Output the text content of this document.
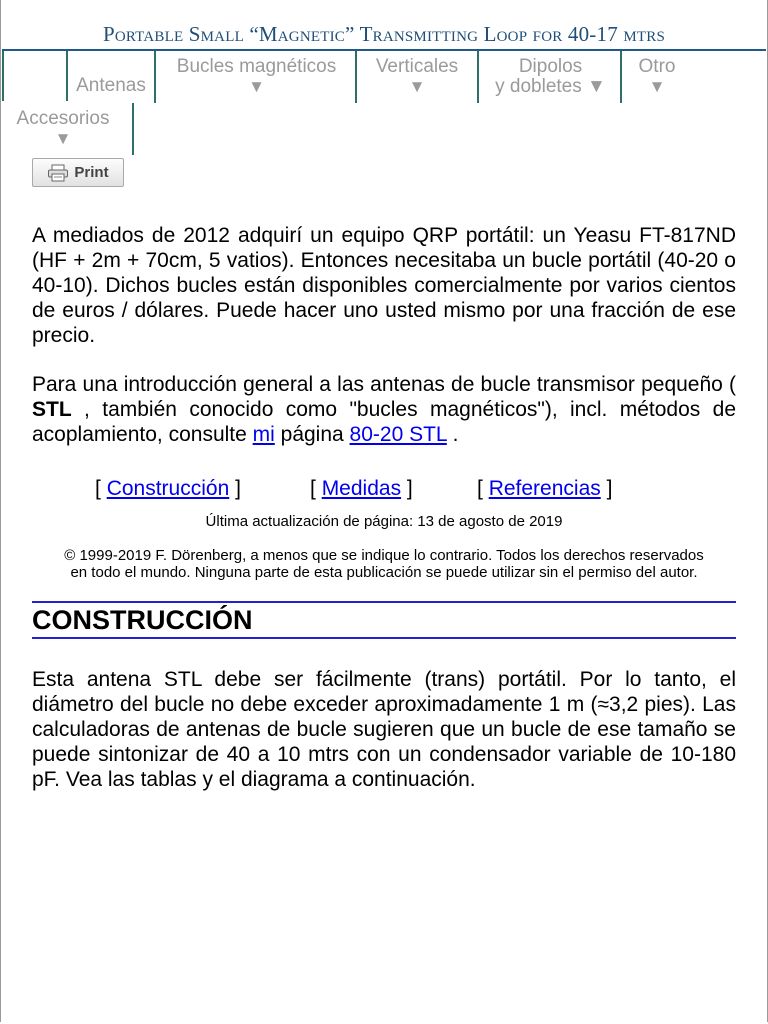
Portable Small “Magnetic” Transmitting Loop for 40-17 mtrs
Antenas
Bucles magnéticos
▼
Verticales
▼
Dipolos
y dobletes ▼
Otro
▼
Accesorios
▼
Print

A mediados de 2012 adquirí un equipo QRP portátil: un Yeasu FT-817ND (HF + 2m + 70cm, 5 vatios). Entonces necesitaba un bucle portátil (40-20 o 40-10). Dichos bucles están disponibles comercialmente por varios cientos de euros / dólares. Puede hacer uno usted mismo por una fracción de ese precio.

Para una introducción general a las antenas de bucle transmisor pequeño ( STL , también conocido como "bucles magnéticos"), incl. métodos de acoplamiento, consulte mi página 80-20 STL .

[ Construcción ]	[ Medidas ]	[ Referencias ]

Última actualización de página: 13 de agosto de 2019

© 1999-2019 F. Dörenberg, a menos que se indique lo contrario. Todos los derechos reservados
en todo el mundo. Ninguna parte de esta publicación se puede utilizar sin el permiso del autor.

CONSTRUCCIÓN

Esta antena STL debe ser fácilmente (trans) portátil. Por lo tanto, el diámetro del bucle no debe exceder aproximadamente 1 m (≈3,2 pies). Las calculadoras de antenas de bucle sugieren que un bucle de ese tamaño se puede sintonizar de 40 a 10 mtrs con un condensador variable de 10-180 pF. Vea las tablas y el diagrama a continuación.
